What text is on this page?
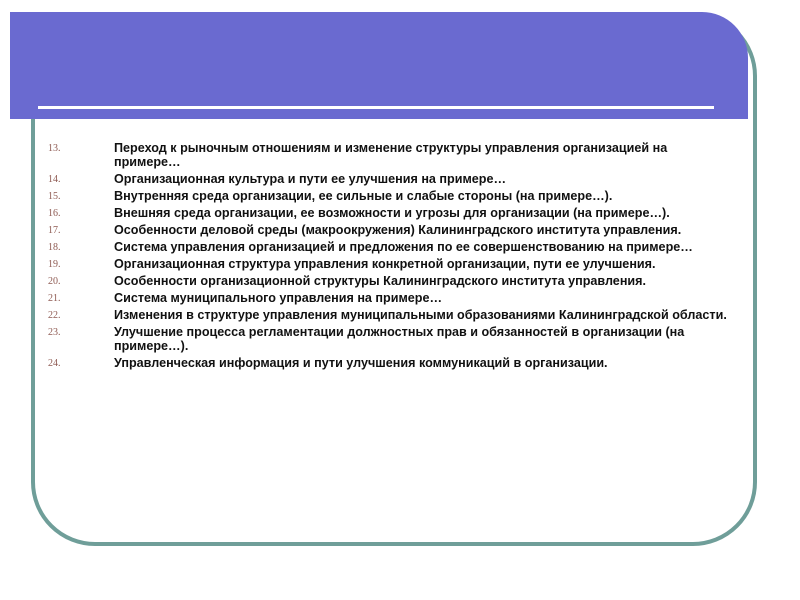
13.	Переход к рыночным отношениям и изменение структуры управления организацией на примере…
14.	Организационная культура и пути ее улучшения на примере…
15.	Внутренняя среда организации, ее сильные и слабые стороны (на примере…).
16.	Внешняя среда организации, ее возможности и угрозы для организации (на примере…).
17.	Особенности деловой среды (макроокружения) Калининградского института управления.
18.	Система управления организацией и предложения по ее совершенствованию на примере…
19.	Организационная структура управления конкретной организации, пути ее улучшения.
20.	Особенности организационной структуры Калининградского института управления.
21.	Система муниципального управления на примере…
22.	Изменения в структуре управления муниципальными образованиями Калининградской области.
23.	Улучшение процесса регламентации должностных прав и обязанностей в организации (на примере…).
24.	Управленческая информация и пути улучшения коммуникаций в организации.
